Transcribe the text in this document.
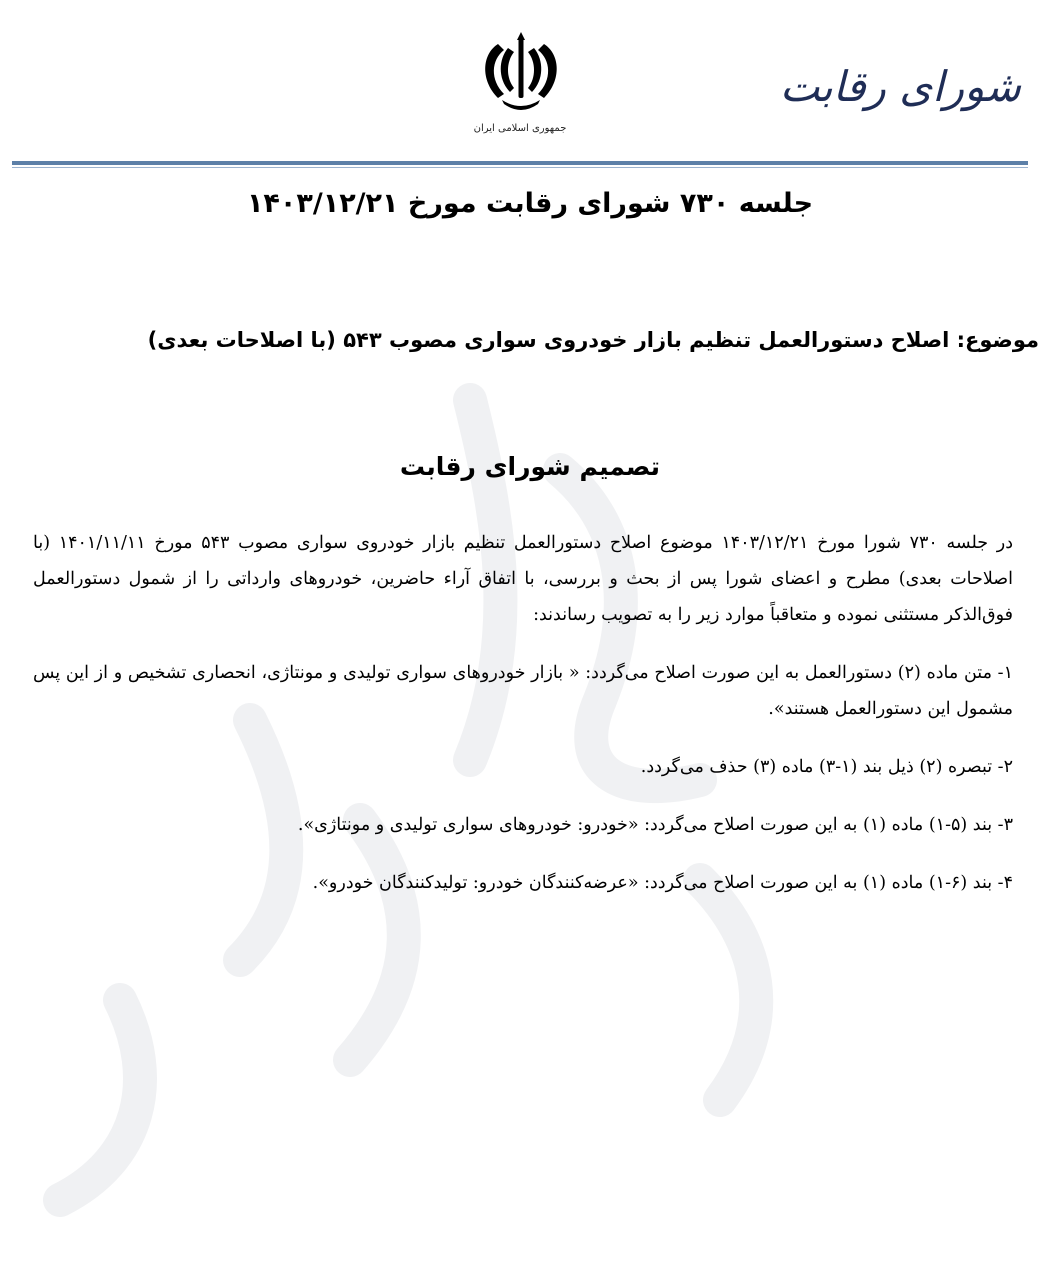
جمهوری اسلامی ایران
شورای رقابت
جلسه ۷۳۰ شورای رقابت مورخ ۱۴۰۳/۱۲/۲۱
موضوع: اصلاح دستورالعمل تنظیم بازار خودروی سواری مصوب ۵۴۳ (با اصلاحات بعدی)
تصمیم شورای رقابت

در جلسه ۷۳۰ شورا مورخ ۱۴۰۳/۱۲/۲۱ موضوع اصلاح دستورالعمل تنظیم بازار خودروی سواری مصوب ۵۴۳ مورخ ۱۴۰۱/۱۱/۱۱ (با اصلاحات بعدی) مطرح و اعضای شورا پس از بحث و بررسی، با اتفاق آراء حاضرین، خودروهای وارداتی را از شمول دستورالعمل فوق‌الذکر مستثنی نموده و متعاقباً موارد زیر را به تصویب رساندند:

۱- متن ماده (۲) دستورالعمل به این صورت اصلاح می‌گردد: « بازار خودروهای سواری تولیدی و مونتاژی، انحصاری تشخیص و از این پس مشمول این دستورالعمل هستند».

۲- تبصره (۲) ذیل بند (۱-۳) ماده (۳) حذف می‌گردد.

۳- بند (۵-۱) ماده (۱) به این صورت اصلاح می‌گردد: «خودرو: خودروهای سواری تولیدی و مونتاژی».

۴- بند (۶-۱) ماده (۱) به این صورت اصلاح می‌گردد: «عرضه‌کنندگان خودرو: تولیدکنندگان خودرو».
